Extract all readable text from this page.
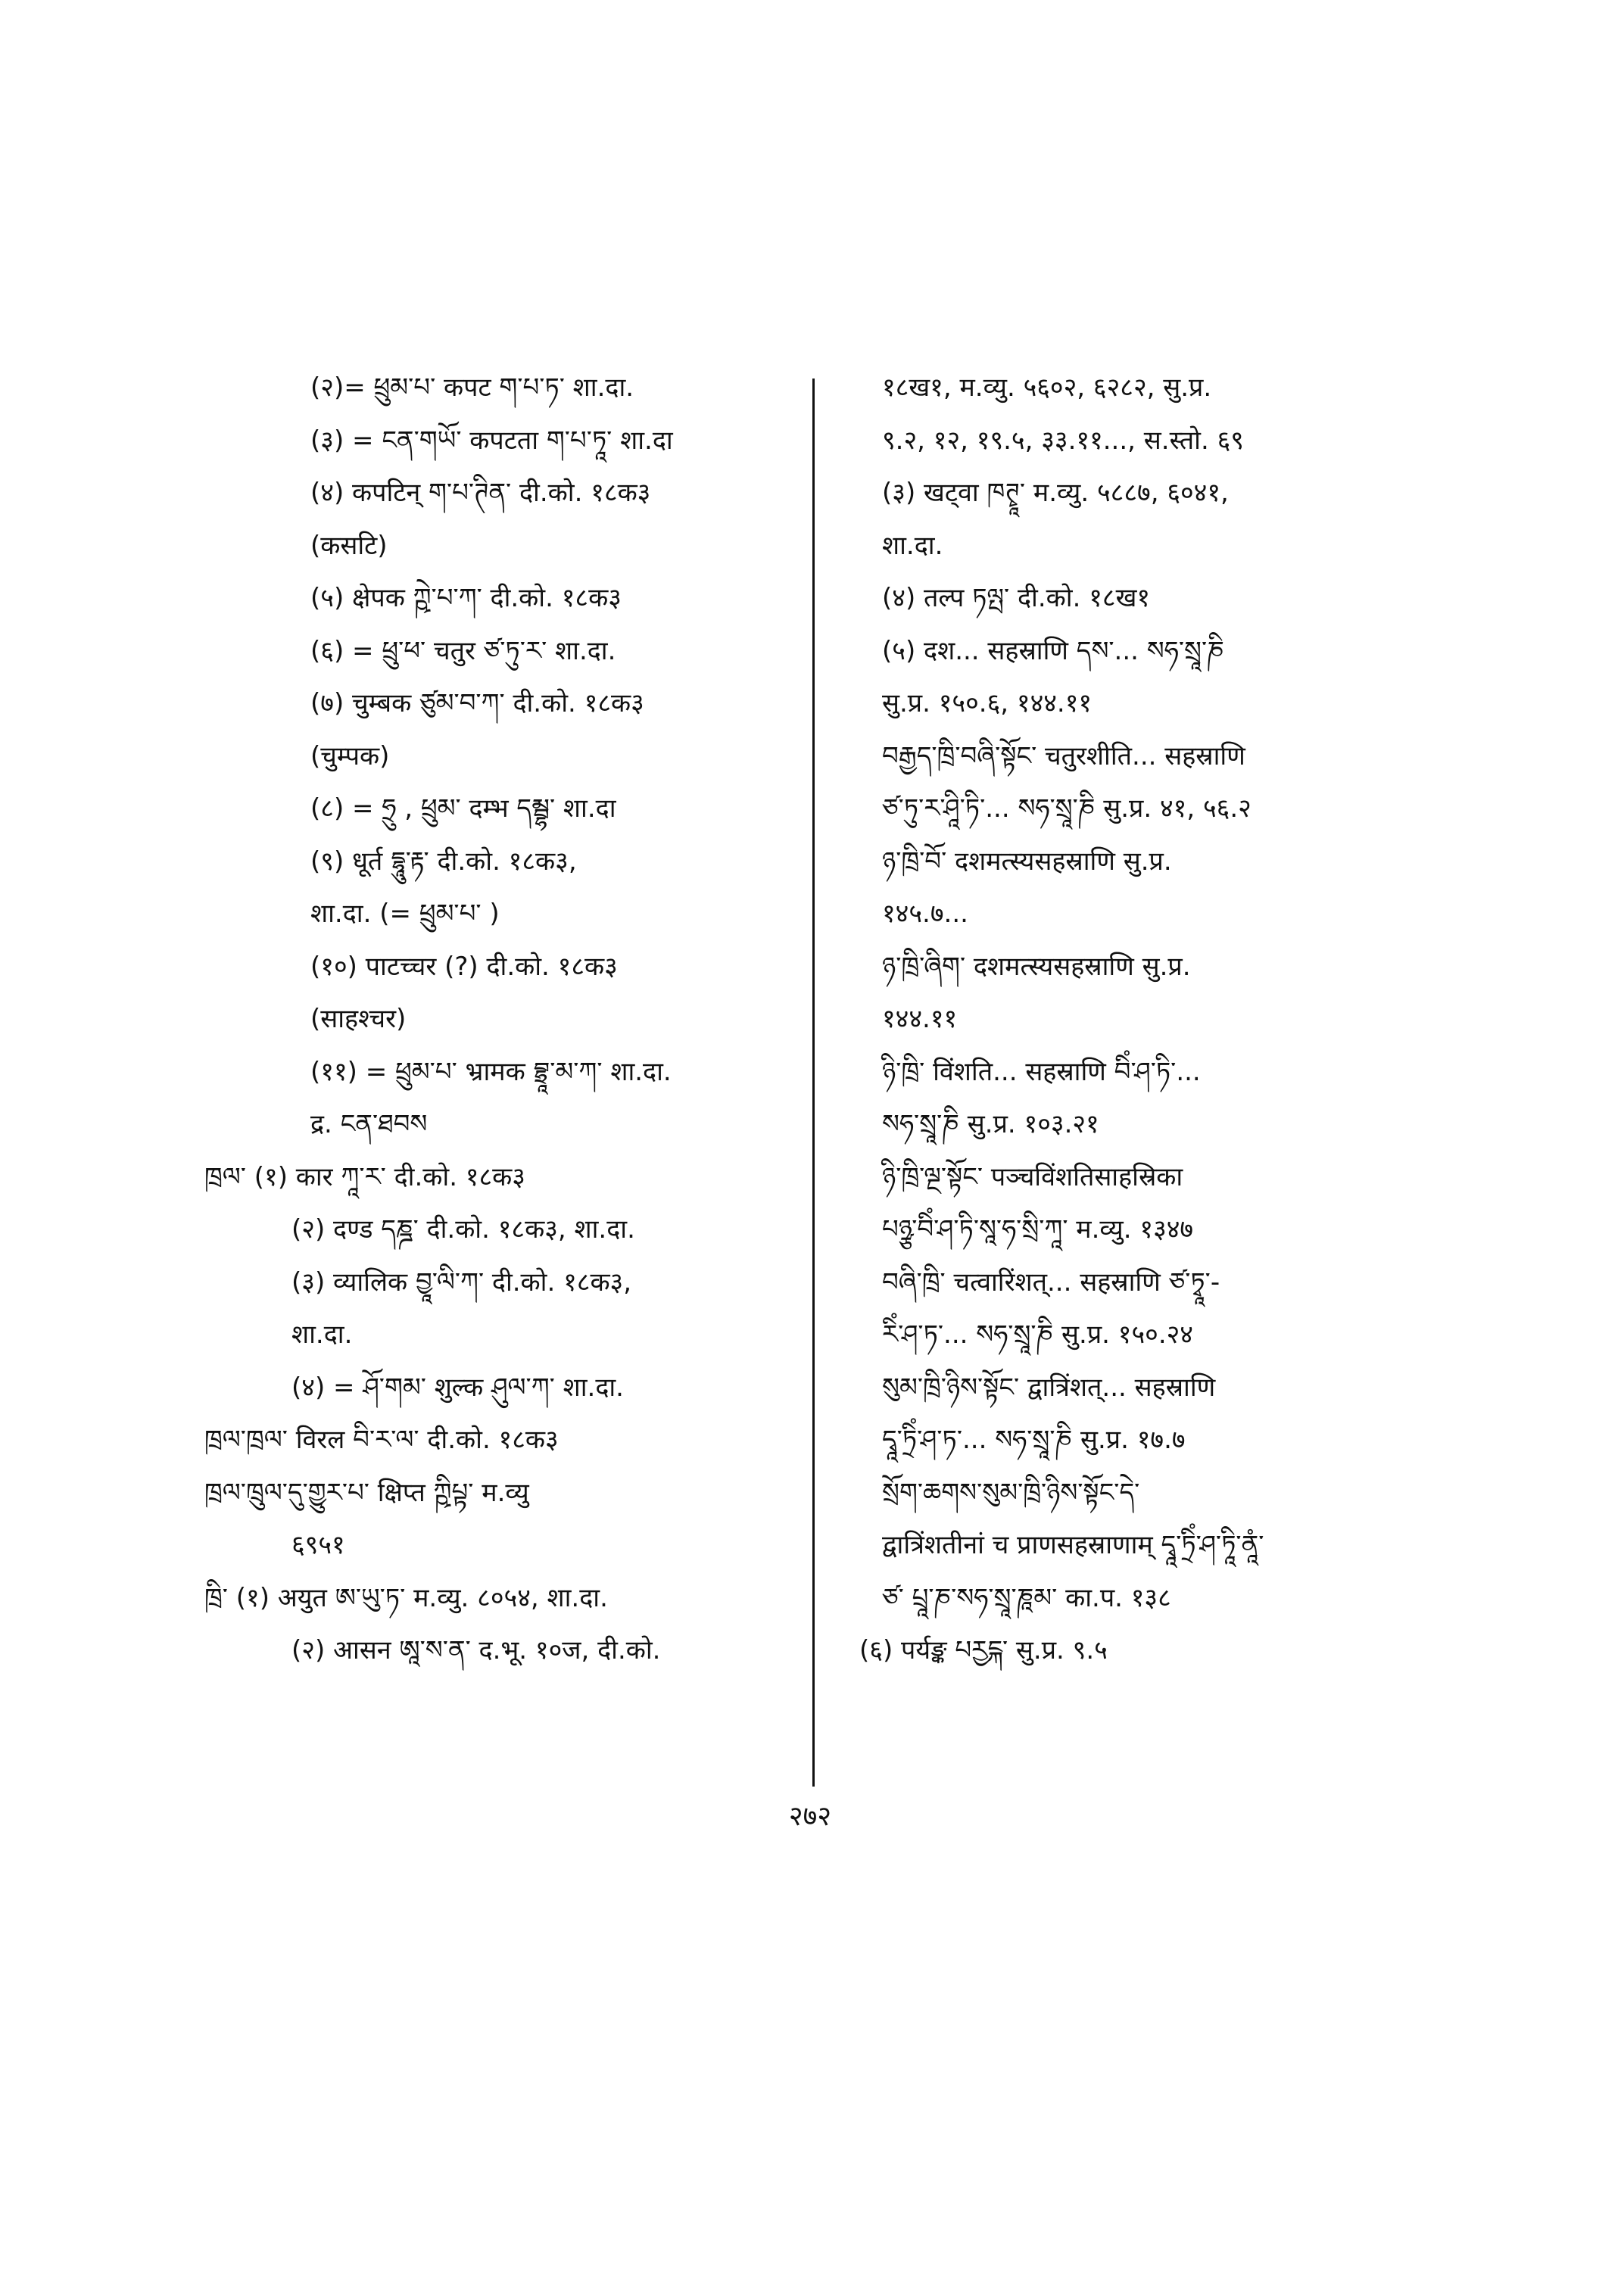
(२)= ཕྲུམ་པ་ कपट ག་པ་ཏ་ शा.दा.
(३) = ངན་གཡོ་ कपटता ག་པ་ཏཱ་ शा.दा
(४) कपटिन् ག་པ་ཊིན་ दी.को. १८क३
(कसटि)
(५) क्षेपक ཀྵེ་པ་ཀ་ दी.को. १८क३
(६) = ཕྲུ་ཕ་ चतुर ཙ་ཏུ་ར་ शा.दा.
(७) चुम्बक ཙུམ་བ་ཀ་ दी.को. १८क३
(चुम्पक)
(८) = ཧྲུ , ཕྲུམ་ दम्भ དམྦྷ་ शा.दा
(९) धूर्त དྷཱུ་རྟ་ दी.को. १८क३,
शा.दा. (= ཕྲུམ་པ་ )
(१०) पाटच्चर (?) दी.को. १८क३
(साहश्चर)
(११) = ཕྲུམ་པ་ भ्रामक བྷྲཱ་མ་ཀ་ शा.दा.
द्र. ངན་ཐབས
ཁྲལ་ (१) कार ཀཱ་ར་ दी.को. १८क३
(२) दण्ड དཎྜ་ दी.को. १८क३, शा.दा.
(३) व्यालिक བྱཱ་ལི་ཀ་ दी.को. १८क३,
शा.दा.
(४) = ཤོ་གམ་ शुल्क ཤུལ་ཀ་ शा.दा.
ཁྲལ་ཁྲལ་ विरल བི་ར་ལ་ दी.को. १८क३
ཁྲལ་ཁྲུལ་དུ་གྱུར་པ་ क्षिप्त ཀྵིཔྟ་ म.व्यु
६९५१
ཁྲི་ (१) अयुत ཨ་ཡུ་ཏ་ म.व्यु. ८०५४, शा.दा.
(२) आसन ཨཱ་ས་ན་ द.भू. १०ज, दी.को.
१८ख१, म.व्यु. ५६०२, ६२८२, सु.प्र.
९.२, १२, १९.५, ३३.११..., स.स्तो. ६९
(३) खट्वा ཁཊྭཱ་ म.व्यु. ५८८७, ६०४१,
शा.दा.
(४) तल्प ཏལྤ་ दी.को. १८ख१
(५) दश... सहस्राणि དས་... སཧ་སྲཱ་ཎི
सु.प्र. १५०.६, १४४.११
བརྒྱད་ཁྲི་བཞི་སྟོང་ चतुरशीति... सहस्राणि
ཙ་ཏུ་ར་ཤཱི་ཏི་... སཧ་སྲཱ་ཎི सु.प्र. ४१, ५६.२
ཉ་ཁྲི་བོ་ दशमत्स्यसहस्राणि सु.प्र.
१४५.७...
ཉ་ཁྲི་ཞིག་ दशमत्स्यसहस्राणि सु.प्र.
१४४.११
ཉི་ཁྲི་ विंशति... सहस्राणि བིཾ་ཤ་ཏི་...
སཧ་སྲཱ་ཎི सु.प्र. १०३.२१
ཉི་ཁྲི་ལྔ་སྟོང་ पञ्चविंशतिसाहस्रिका
པཉྩ་བིཾ་ཤ་ཏི་སཱ་ཧ་སྲི་ཀཱ་ म.व्यु. १३४७
བཞི་ཁྲི་ चत्वारिंशत्... सहस्राणि ཙ་ཏྭཱ་-
རིཾ་ཤ་ཏ་... སཧ་སྲཱ་ཎི सु.प्र. १५०.२४
སུམ་ཁྲི་ཉིས་སྟོང་ द्वात्रिंशत्... सहस्राणि
དྭཱ་ཏྲིཾ་ཤ་ཏ་... སཧ་སྲཱ་ཎི सु.प्र. १७.७
སྲོག་ཆགས་སུམ་ཁྲི་ཉིས་སྟོང་དེ་
द्वात्रिंशतीनां च प्राणसहस्राणाम् དྭཱ་ཏྲིཾ་ཤ་ཏཱི་ནཱཾ་
ཙ་ པྲཱ་ཎ་སཧ་སྲཱ་ཎཱམ་ का.प. १३८
(६) पर्यङ्क པརྱངྐ་ सु.प्र. ९.५
२७२
